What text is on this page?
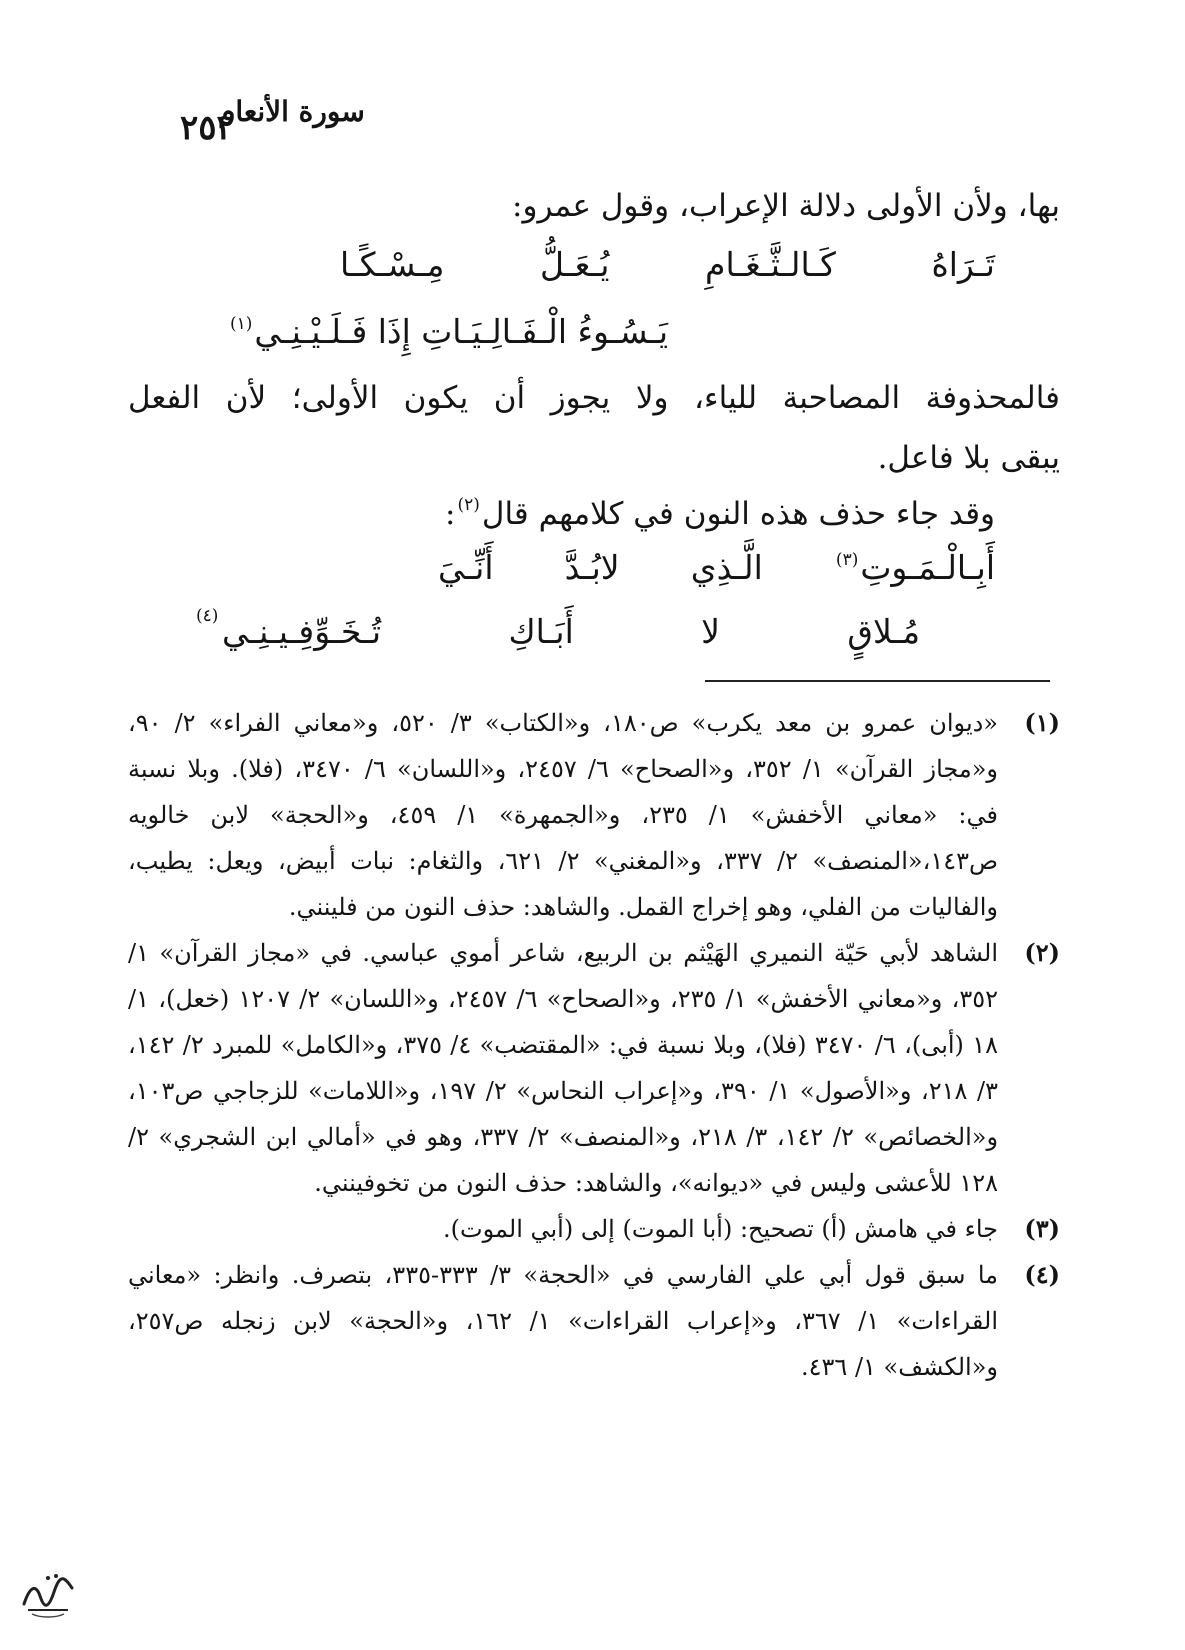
٢٥٢
سورة الأنعام
بها، ولأن الأولى دلالة الإعراب، وقول عمرو:
تَـرَاهُ كَـالـثَّـغَـامِ يُـعَـلُّ مِـسْـكًـا
يَـسُـوءُ الْـفَـالِـيَـاتِ إِذَا فَـلَـيْـنِـي$^{(١)}$
فالمحذوفة المصاحبة للياء، ولا يجوز أن يكون الأولى؛ لأن الفعل
يبقى بلا فاعل.
وقد جاء حذف هذه النون في كلامهم قال$^{(٢)}$:
أَبِـالْـمَـوتِ$^{(٣)}$ الَّـذِي لابُـدَّ أَنِّـيَ
مُـلاقٍ لا أَبَـاكِ تُـخَـوِّفِـيـنِـي
(٤)
(١)
«ديوان عمرو بن معد يكرب» ص١٨٠، و«الكتاب» ٣/ ٥٢٠، و«معاني الفراء» ٢/ ٩٠، و«مجاز القرآن» ١/ ٣٥٢، و«الصحاح» ٦/ ٢٤٥٧، و«اللسان» ٦/ ٣٤٧٠، (فلا). وبلا نسبة في: «معاني الأخفش» ١/ ٢٣٥، و«الجمهرة» ١/ ٤٥٩، و«الحجة» لابن خالويه ص١٤٣،«المنصف» ٢/ ٣٣٧، و«المغني» ٢/ ٦٢١، والثغام: نبات أبيض، ويعل: يطيب، والفاليات من الفلي، وهو إخراج القمل. والشاهد: حذف النون من فلينني.
(٢)
الشاهد لأبي حَيّة النميري الهَيْثم بن الربيع، شاعر أموي عباسي. في «مجاز القرآن» ١/ ٣٥٢، و«معاني الأخفش» ١/ ٢٣٥، و«الصحاح» ٦/ ٢٤٥٧، و«اللسان» ٢/ ١٢٠٧ (خعل)، ١/ ١٨ (أبى)، ٦/ ٣٤٧٠ (فلا)، وبلا نسبة في: «المقتضب» ٤/ ٣٧٥، و«الكامل» للمبرد ٢/ ١٤٢، ٣/ ٢١٨، و«الأصول» ١/ ٣٩٠، و«إعراب النحاس» ٢/ ١٩٧، و«اللامات» للزجاجي ص١٠٣، و«الخصائص» ٢/ ١٤٢، ٣/ ٢١٨، و«المنصف» ٢/ ٣٣٧، وهو في «أمالي ابن الشجري» ٢/ ١٢٨ للأعشى وليس في «ديوانه»، والشاهد: حذف النون من تخوفينني.
(٣)
جاء في هامش (أ) تصحيح: (أبا الموت) إلى (أبي الموت).
(٤)
ما سبق قول أبي علي الفارسي في «الحجة» ٣/ ٣٣٣-٣٣٥، بتصرف. وانظر: «معاني القراءات» ١/ ٣٦٧، و«إعراب القراءات» ١/ ١٦٢، و«الحجة» لابن زنجله ص٢٥٧، و«الكشف» ١/ ٤٣٦.
